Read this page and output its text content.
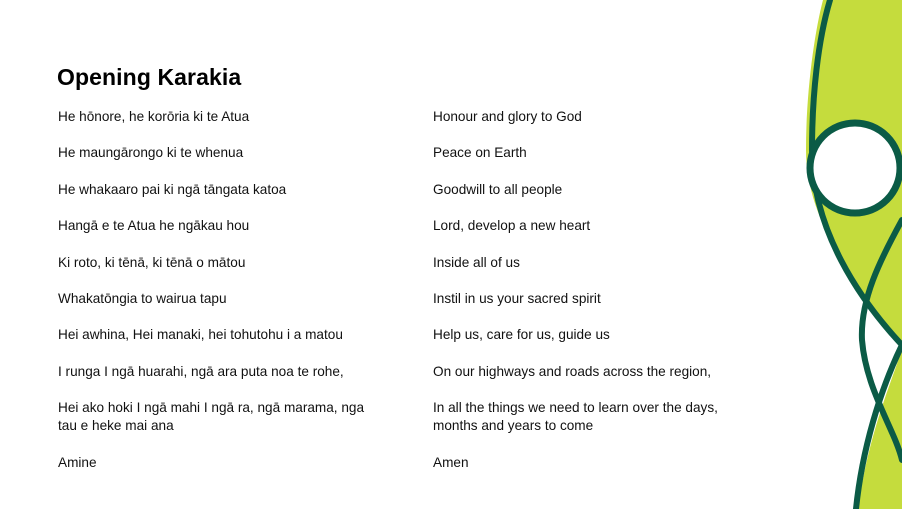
Opening Karakia
He hōnore, he korōria ki te Atua
He maungārongo ki te whenua
He whakaaro pai ki ngā tāngata katoa
Hangā e te Atua he ngākau hou
Ki roto, ki tēnā, ki tēnā o mātou
Whakatōngia to wairua tapu
Hei awhina, Hei manaki, hei tohutohu i a matou
I runga I ngā huarahi, ngā ara puta noa te rohe,
Hei ako hoki I ngā mahi I ngā ra, ngā marama, nga tau e heke mai ana
Amine
Honour and glory to God
Peace on Earth
Goodwill to all people
Lord, develop a new heart
Inside all of us
Instil in us your sacred spirit
Help us, care for us, guide us
On our highways and roads across the region,
In all the things we need to learn over the days, months and years to come
Amen
